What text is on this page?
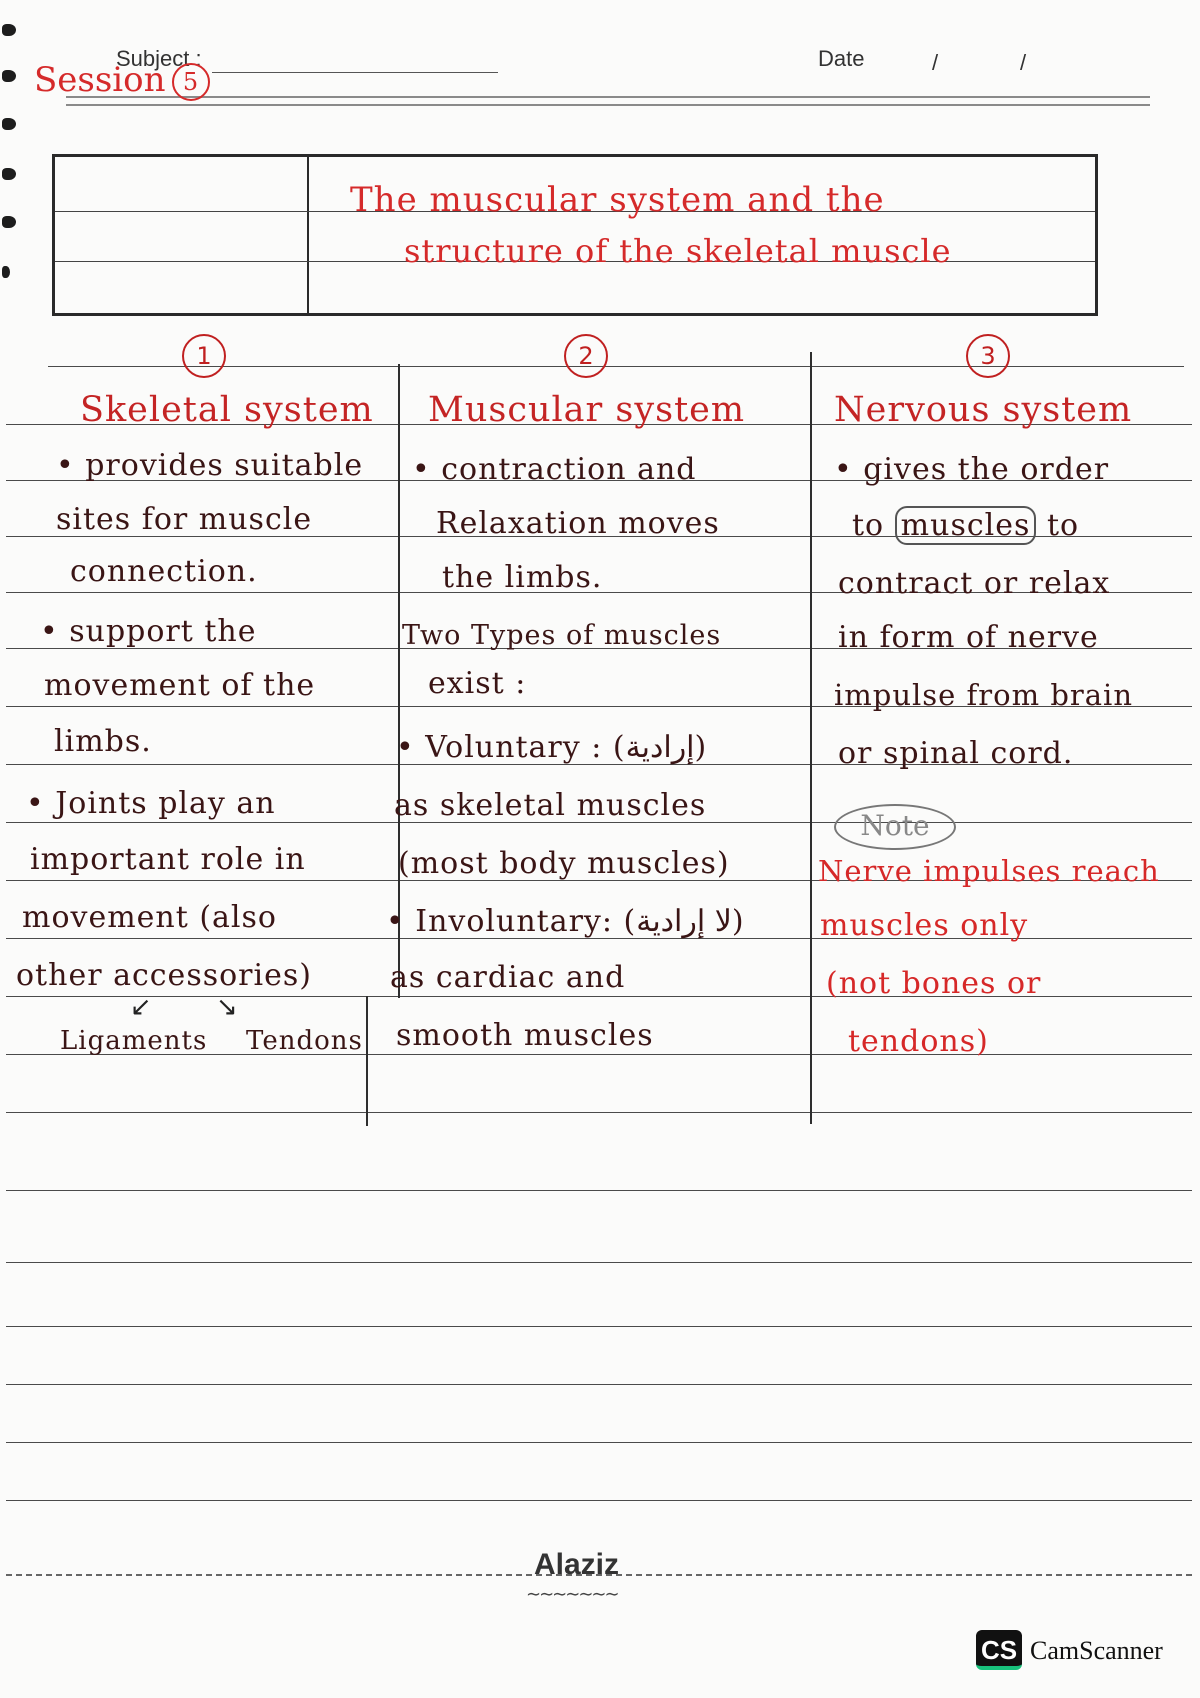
Subject :	Date	/	/
Session 5
The muscular system and the
structure of the skeletal muscle
1	2	3
Skeletal system Muscular system	Nervous system
• provides suitable
sites for muscle
connection.
• support the
movement of the
limbs.
• Joints play an
important role in
movement (also
other accessories)
↙ ↘
Ligaments Tendons
• contraction and
Relaxation moves
the limbs.
Two Types of muscles
exist :
• Voluntary : (إرادية)
as skeletal muscles
(most body muscles)
• Involuntary: (لا إرادية)
as cardiac and
smooth muscles
• gives the order
to muscles to
contract or relax
in form of nerve
impulse from brain
or spinal cord.
Note
Nerve impulses reach
muscles only
(not bones or
tendons)
Alaziz
∼∼∼∼∼∼∼
CS CamScanner
